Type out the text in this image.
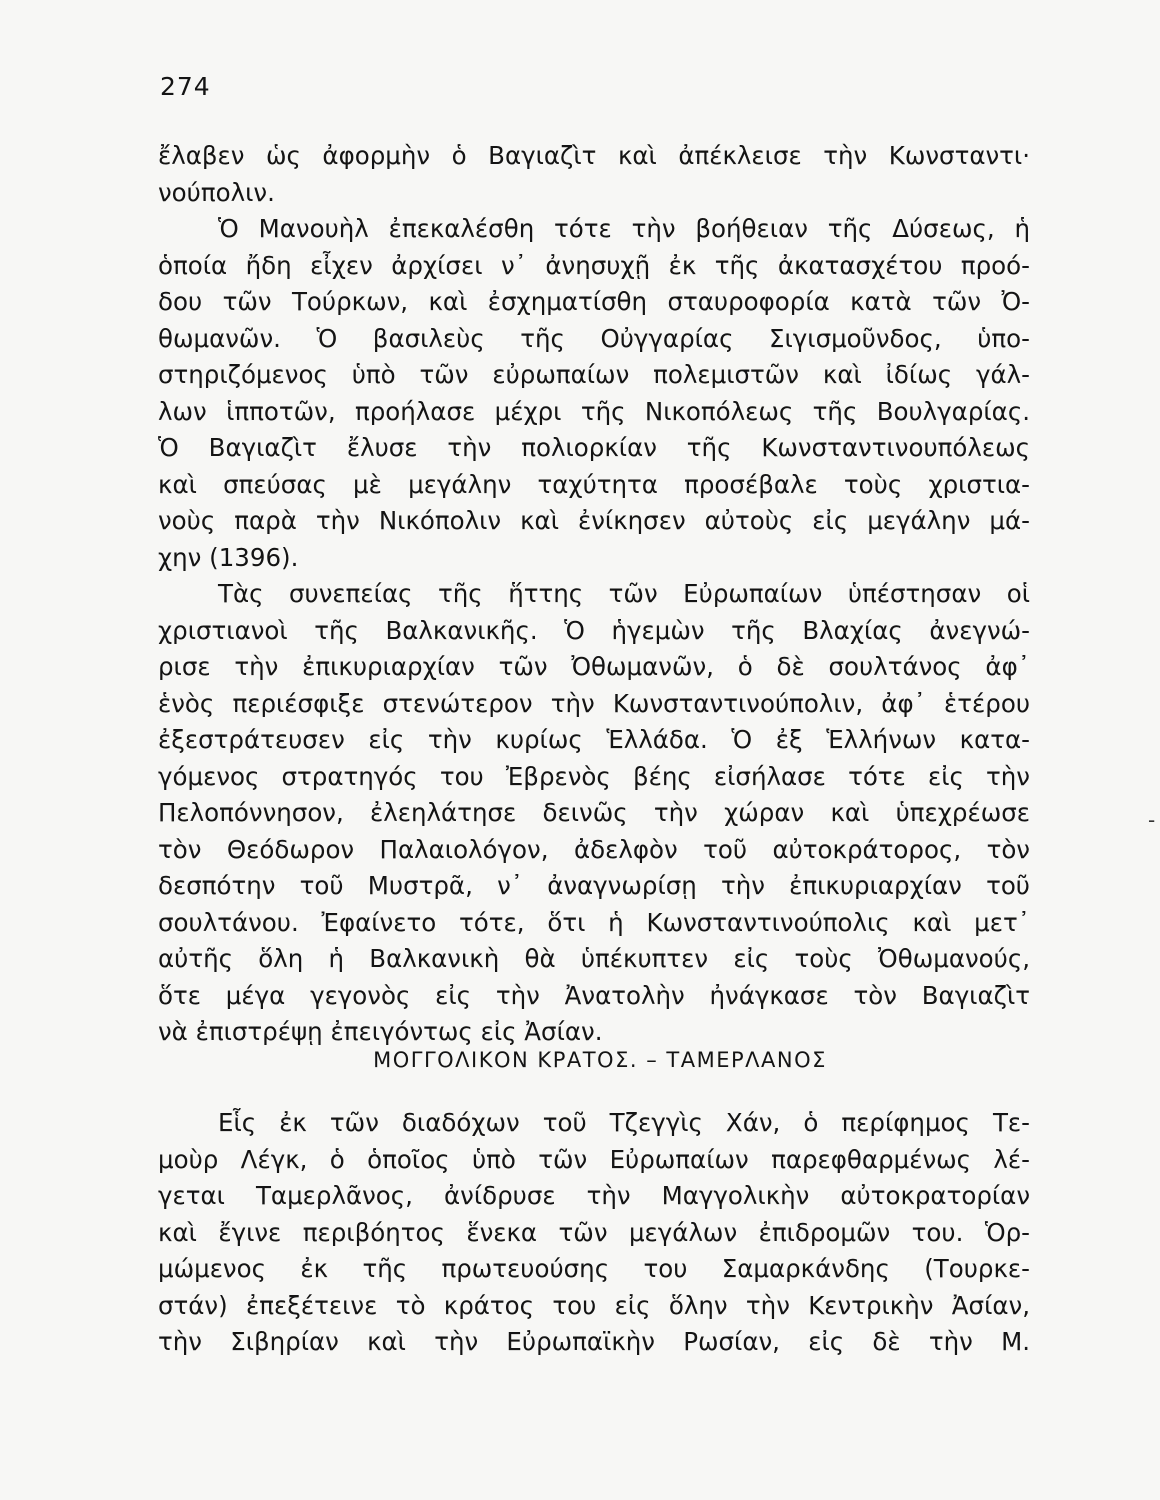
274
ἔλαβεν ὡς ἀφορμὴν ὁ Βαγιαζὶτ καὶ ἀπέκλεισε τὴν Κωνσταντι·
νούπολιν.
Ὁ Μανουὴλ ἐπεκαλέσθη τότε τὴν βοήθειαν τῆς Δύσεως, ἡ
ὁποία ἤδη εἶχεν ἀρχίσει ν᾽ ἀνησυχῇ ἐκ τῆς ἀκατασχέτου προό-
δου τῶν Τούρκων, καὶ ἐσχηματίσθη σταυροφορία κατὰ τῶν Ὀ-
θωμανῶν. Ὁ βασιλεὺς τῆς Οὐγγαρίας Σιγισμοῦνδος, ὑπο-
στηριζόμενος ὑπὸ τῶν εὐρωπαίων πολεμιστῶν καὶ ἰδίως γάλ-
λων ἱπποτῶν, προήλασε μέχρι τῆς Νικοπόλεως τῆς Βουλγαρίας.
Ὁ Βαγιαζὶτ ἔλυσε τὴν πολιορκίαν τῆς Κωνσταντινουπόλεως
καὶ σπεύσας μὲ μεγάλην ταχύτητα προσέβαλε τοὺς χριστια-
νοὺς παρὰ τὴν Νικόπολιν καὶ ἐνίκησεν αὐτοὺς εἰς μεγάλην μά-
χην (1396).
Τὰς συνεπείας τῆς ἥττης τῶν Εὐρωπαίων ὑπέστησαν οἱ
χριστιανοὶ τῆς Βαλκανικῆς. Ὁ ἡγεμὼν τῆς Βλαχίας ἀνεγνώ-
ρισε τὴν ἐπικυριαρχίαν τῶν Ὀθωμανῶν, ὁ δὲ σουλτάνος ἀφ᾽
ἑνὸς περιέσφιξε στενώτερον τὴν Κωνσταντινούπολιν, ἀφ᾽ ἑτέρου
ἐξεστράτευσεν εἰς τὴν κυρίως Ἑλλάδα. Ὁ ἐξ Ἑλλήνων κατα-
γόμενος στρατηγός του Ἐβρενὸς βέης εἰσήλασε τότε εἰς τὴν
Πελοπόννησον, ἐλεηλάτησε δεινῶς τὴν χώραν καὶ ὑπεχρέωσε
τὸν Θεόδωρον Παλαιολόγον, ἀδελφὸν τοῦ αὐτοκράτορος, τὸν
δεσπότην τοῦ Μυστρᾶ, ν᾽ ἀναγνωρίσῃ τὴν ἐπικυριαρχίαν τοῦ
σουλτάνου. Ἐφαίνετο τότε, ὅτι ἡ Κωνσταντινούπολις καὶ μετ᾽
αὐτῆς ὅλη ἡ Βαλκανικὴ θὰ ὑπέκυπτεν εἰς τοὺς Ὀθωμανούς,
ὅτε μέγα γεγονὸς εἰς τὴν Ἀνατολὴν ἠνάγκασε τὸν Βαγιαζὶτ
νὰ ἐπιστρέψῃ ἐπειγόντως εἰς Ἀσίαν.
ΜΟΓΓΟΛΙΚΟΝ ΚΡΑΤΟΣ. – ΤΑΜΕΡΛΑΝΟΣ
Εἷς ἐκ τῶν διαδόχων τοῦ Τζεγγὶς Χάν, ὁ περίφημος Τε-
μοὺρ Λέγκ, ὁ ὁποῖος ὑπὸ τῶν Εὐρωπαίων παρεφθαρμένως λέ-
γεται Ταμερλᾶνος, ἀνίδρυσε τὴν Μαγγολικὴν αὐτοκρατορίαν
καὶ ἔγινε περιβόητος ἕνεκα τῶν μεγάλων ἐπιδρομῶν του. Ὁρ-
μώμενος ἐκ τῆς πρωτευούσης του Σαμαρκάνδης (Τουρκε-
στάν) ἐπεξέτεινε τὸ κράτος του εἰς ὅλην τὴν Κεντρικὴν Ἀσίαν,
τὴν Σιβηρίαν καὶ τὴν Εὐρωπαϊκὴν Ρωσίαν, εἰς δὲ τὴν Μ.
-
